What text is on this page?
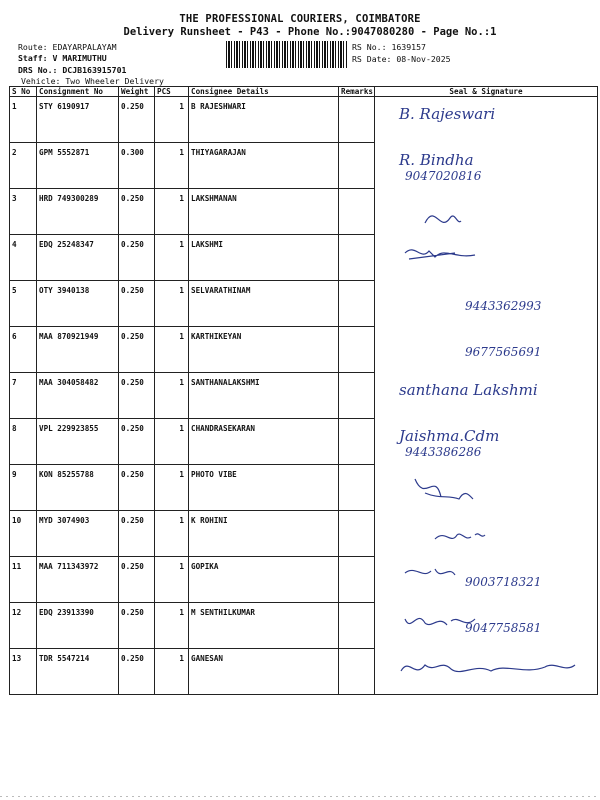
THE PROFESSIONAL COURIERS, COIMBATORE
Delivery Runsheet - P43 - Phone No.:9047080280 - Page No.:1
Route: EDAYARPALAYAM
Staff: V MARIMUTHU
DRS No.: DCJB163915701
Vehicle: Two Wheeler Delivery
RS No.: 1639157
RS Date: 08-Nov-2025
S No	Consignment No	Weight	PCS	Consignee Details	Remarks	Seal & Signature
1	STY 6190917	0.250	1	B RAJESHWARI		B. Rajeswari

2	GPM 5552871	0.300	1	THIYAGARAJAN		R. Bindha
9047020816

3	HRD 749300289	0.250	1	LAKSHMANAN		

4	EDQ 25248347	0.250	1	LAKSHMI		

5	OTY 3940138	0.250	1	SELVARATHINAM		9443362993

6	MAA 870921949	0.250	1	KARTHIKEYAN		9677565691

7	MAA 304058482	0.250	1	SANTHANALAKSHMI		santhana Lakshmi

8	VPL 229923855	0.250	1	CHANDRASEKARAN		Jaishma.Cdm
9443386286

9	KON 85255788	0.250	1	PHOTO VIBE		

10	MYD 3074903	0.250	1	K ROHINI		

11	MAA 711343972	0.250	1	GOPIKA		9003718321

12	EDQ 23913390	0.250	1	M SENTHILKUMAR		9047758581

13	TDR 5547214	0.250	1	GANESAN		
